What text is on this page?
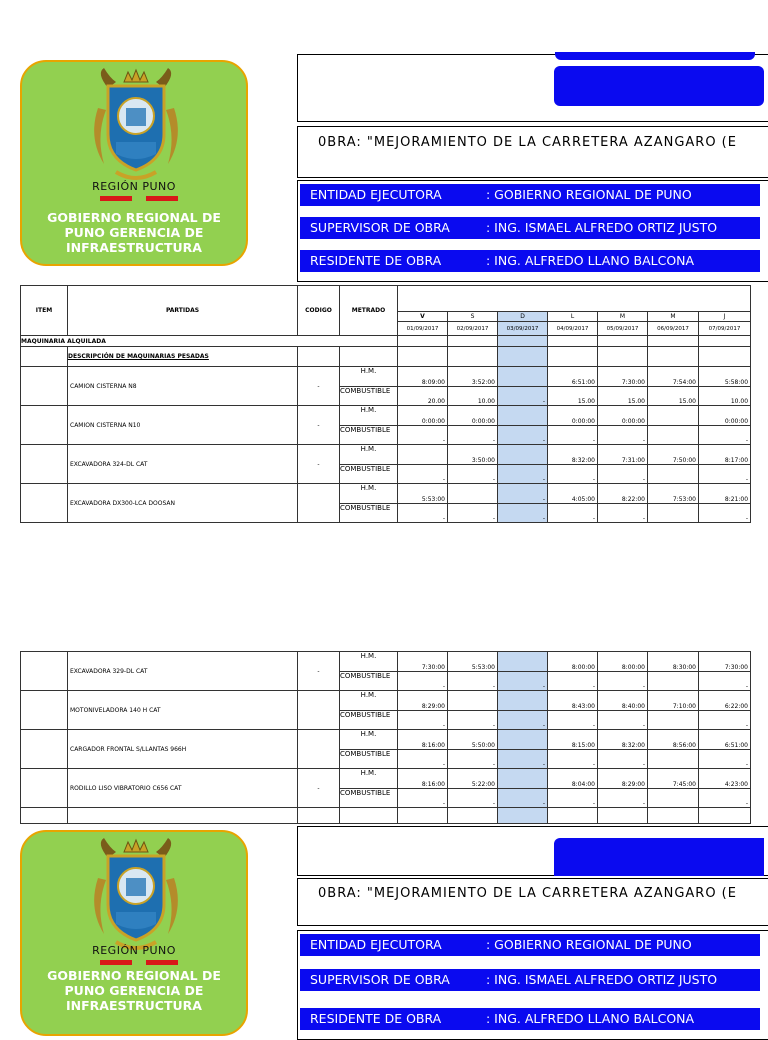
REGIÓN PUNO
GOBIERNO REGIONAL DE PUNO GERENCIA DE INFRAESTRUCTURA
0BRA: "MEJORAMIENTO DE LA CARRETERA AZANGARO (E
ENTIDAD EJECUTORA	: GOBIERNO REGIONAL DE PUNO
SUPERVISOR DE OBRA	: ING. ISMAEL ALFREDO ORTIZ JUSTO
RESIDENTE DE OBRA	: ING. ALFREDO LLANO BALCONA
ITEM	PARTIDAS	CODIGO	METRADO							
				V	S	D	L	M	M	J
				01/09/2017	02/09/2017	03/09/2017	04/09/2017	05/09/2017	06/09/2017	07/09/2017
MAQUINARIA ALQUILADA										
	DESCRIPCIÓN DE MAQUINARIAS PESADAS									
	CAMION CISTERNA N8	-	H.M.	8:09:00	3:52:00		6:51:00	7:30:00	7:54:00	5:58:00
			COMBUSTIBLE	20.00	10.00	-	15.00	15.00	15.00	10.00
	CAMION CISTERNA N10	-	H.M.	0:00:00	0:00:00		0:00:00	0:00:00		0:00:00
			COMBUSTIBLE	-	-	-	-	-		-
	EXCAVADORA 324-DL CAT	-	H.M.		3:50:00		8:32:00	7:31:00	7:50:00	8:17:00
			COMBUSTIBLE	-	-	-	-	-		-
	EXCAVADORA DX300-LCA DOOSAN		H.M.	5:53:00		-	4:05:00	8:22:00	7:53:00	8:21:00
			COMBUSTIBLE	-	-	-	-	-		-
	EXCAVADORA 329-DL CAT	-	H.M.	7:30:00	5:53:00		8:00:00	8:00:00	8:30:00	7:30:00
			COMBUSTIBLE	-	-	-	-	-		-
	MOTONIVELADORA 140 H CAT		H.M.	8:29:00			8:43:00	8:40:00	7:10:00	6:22:00
			COMBUSTIBLE	-	-	-	-	-		-
	CARGADOR FRONTAL S/LLANTAS 966H		H.M.	8:16:00	5:50:00		8:15:00	8:32:00	8:56:00	6:51:00
			COMBUSTIBLE	-	-	-	-	-		-
	RODILLO LISO VIBRATORIO C656 CAT	-	H.M.	8:16:00	5:22:00		8:04:00	8:29:00	7:45:00	4:23:00
			COMBUSTIBLE	-	-	-	-	-		-

REGIÓN PUNO
GOBIERNO REGIONAL DE PUNO GERENCIA DE INFRAESTRUCTURA
0BRA: "MEJORAMIENTO DE LA CARRETERA AZANGARO (E
ENTIDAD EJECUTORA	: GOBIERNO REGIONAL DE PUNO
SUPERVISOR DE OBRA	: ING. ISMAEL ALFREDO ORTIZ JUSTO
RESIDENTE DE OBRA	: ING. ALFREDO LLANO BALCONA
